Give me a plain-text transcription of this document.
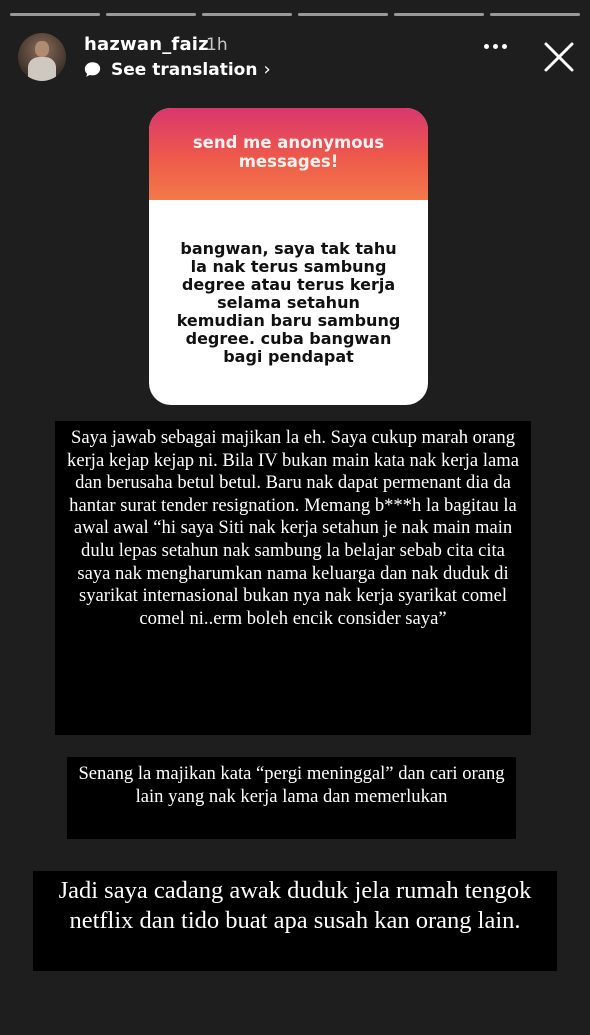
hazwan_faiz
1h
See translation ›
send me anonymous messages!
bangwan, saya tak tahu la nak terus sambung degree atau terus kerja selama setahun kemudian baru sambung degree. cuba bangwan bagi pendapat
Saya jawab sebagai majikan la eh. Saya cukup marah orang kerja kejap kejap ni. Bila IV bukan main kata nak kerja lama dan berusaha betul betul. Baru nak dapat permenant dia da hantar surat tender resignation. Memang b***h la bagitau la awal awal “hi saya Siti nak kerja setahun je nak main main dulu lepas setahun nak sambung la belajar sebab cita cita saya nak mengharumkan nama keluarga dan nak duduk di syarikat internasional bukan nya nak kerja syarikat comel comel ni..erm boleh encik consider saya”
Senang la majikan kata “pergi meninggal” dan cari orang lain yang nak kerja lama dan memerlukan
Jadi saya cadang awak duduk jela rumah tengok netflix dan tido buat apa susah kan orang lain.
